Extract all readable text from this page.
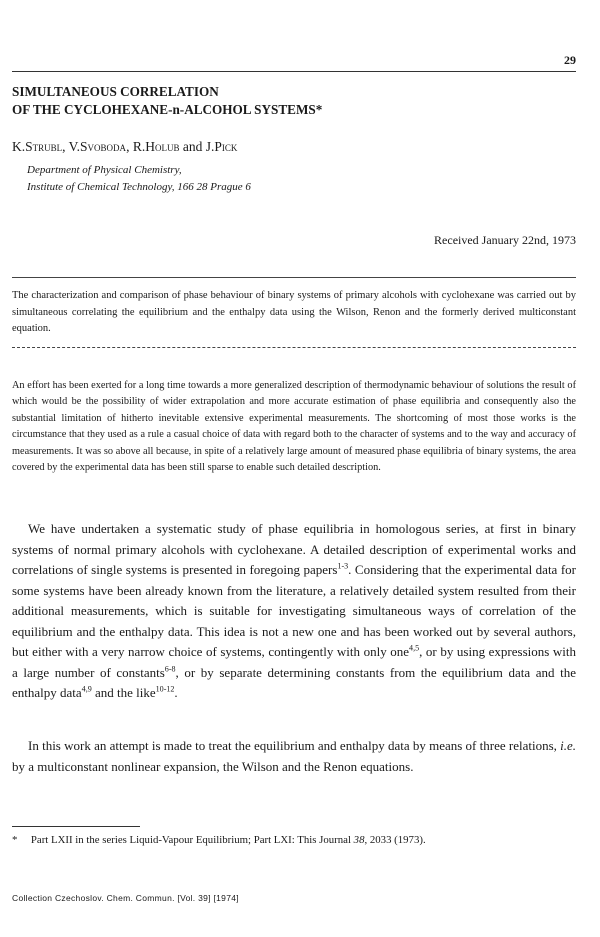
29
SIMULTANEOUS CORRELATION
OF THE CYCLOHEXANE-n-ALCOHOL SYSTEMS*
K.Strubl, V.Svoboda, R.Holub and J.Pick
Department of Physical Chemistry,
Institute of Chemical Technology, 166 28 Prague 6
Received January 22nd, 1973
The characterization and comparison of phase behaviour of binary systems of primary alcohols with cyclohexane was carried out by simultaneous correlating the equilibrium and the enthalpy data using the Wilson, Renon and the formerly derived multiconstant equation.
An effort has been exerted for a long time towards a more generalized description of thermodynamic behaviour of solutions the result of which would be the possibility of wider extrapolation and more accurate estimation of phase equilibria and consequently also the substantial limitation of hitherto inevitable extensive experimental measurements. The shortcoming of most those works is the circumstance that they used as a rule a casual choice of data with regard both to the character of systems and to the way and accuracy of measurements. It was so above all because, in spite of a relatively large amount of measured phase equilibria of binary systems, the area covered by the experimental data has been still sparse to enable such detailed description.
We have undertaken a systematic study of phase equilibria in homologous series, at first in binary systems of normal primary alcohols with cyclohexane. A detailed description of experimental works and correlations of single systems is presented in foregoing papers$^{1-3}$. Considering that the experimental data for some systems have been already known from the literature, a relatively detailed system resulted from their additional measurements, which is suitable for investigating simultaneous ways of correlation of the equilibrium and the enthalpy data. This idea is not a new one and has been worked out by several authors, but either with a very narrow choice of systems, contingently with only one$^{4,5}$, or by using expressions with a large number of constants$^{6-8}$, or by separate determining constants from the equilibrium data and the enthalpy data$^{4,9}$ and the like$^{10-12}$.
In this work an attempt is made to treat the equilibrium and enthalpy data by means of three relations, i.e. by a multiconstant nonlinear expansion, the Wilson and the Renon equations.
* Part LXII in the series Liquid-Vapour Equilibrium; Part LXI: This Journal 38, 2033 (1973).
Collection Czechoslov. Chem. Commun. [Vol. 39] [1974]
